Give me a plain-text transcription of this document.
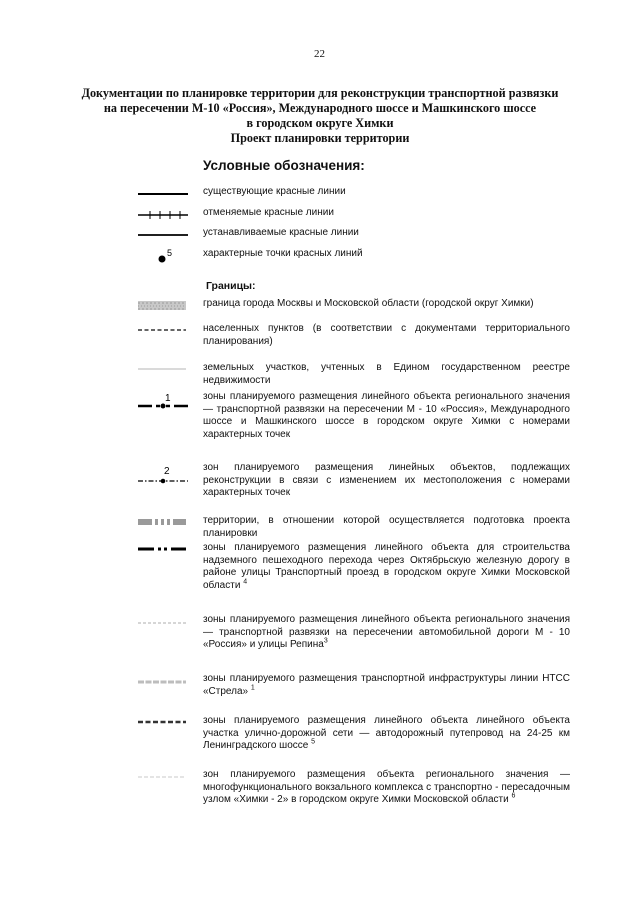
22
Документации по планировке территории для реконструкции транспортной развязки
на пересечении М-10 «Россия», Международного шоссе и Машкинского шоссе
в городском округе Химки
Проект планировки территории
Условные обозначения:
существующие красные линии
отменяемые красные линии
устанавливаемые красные линии
5	характерные точки красных линий
Границы:
граница города Москвы и Московской области (городской округ Химки)
населенных пунктов (в соответствии с документами территориального планирования)
земельных участков, учтенных в Едином государственном реестре недвижимости
1	зоны планируемого размещения линейного объекта регионального значения — транспортной развязки на пересечении М - 10 «Россия», Международного шоссе и Машкинского шоссе в городском округе Химки с номерами характерных точек
2	зон планируемого размещения линейных объектов, подлежащих реконструкции в связи с изменением их местоположения с номерами характерных точек
территории, в отношении которой осуществляется подготовка проекта планировки
зоны планируемого размещения линейного объекта для строительства надземного пешеходного перехода через Октябрьскую железную дорогу в районе улицы Транспортный проезд в городском округе Химки Московской области $^4$
зоны планируемого размещения линейного объекта регионального значения — транспортной развязки на пересечении автомобильной дороги М - 10 «Россия» и улицы Репина$^3$
зоны планируемого размещения транспортной инфраструктуры линии НТСС «Стрела» $^1$
зоны планируемого размещения линейного объекта линейного объекта участка улично-дорожной сети — автодорожный путепровод на 24-25 км Ленинградского шоссе $^5$
зон планируемого размещения объекта регионального значения — многофункционального вокзального комплекса с транспортно - пересадочным узлом «Химки - 2» в городском округе Химки Московской области $^6$
